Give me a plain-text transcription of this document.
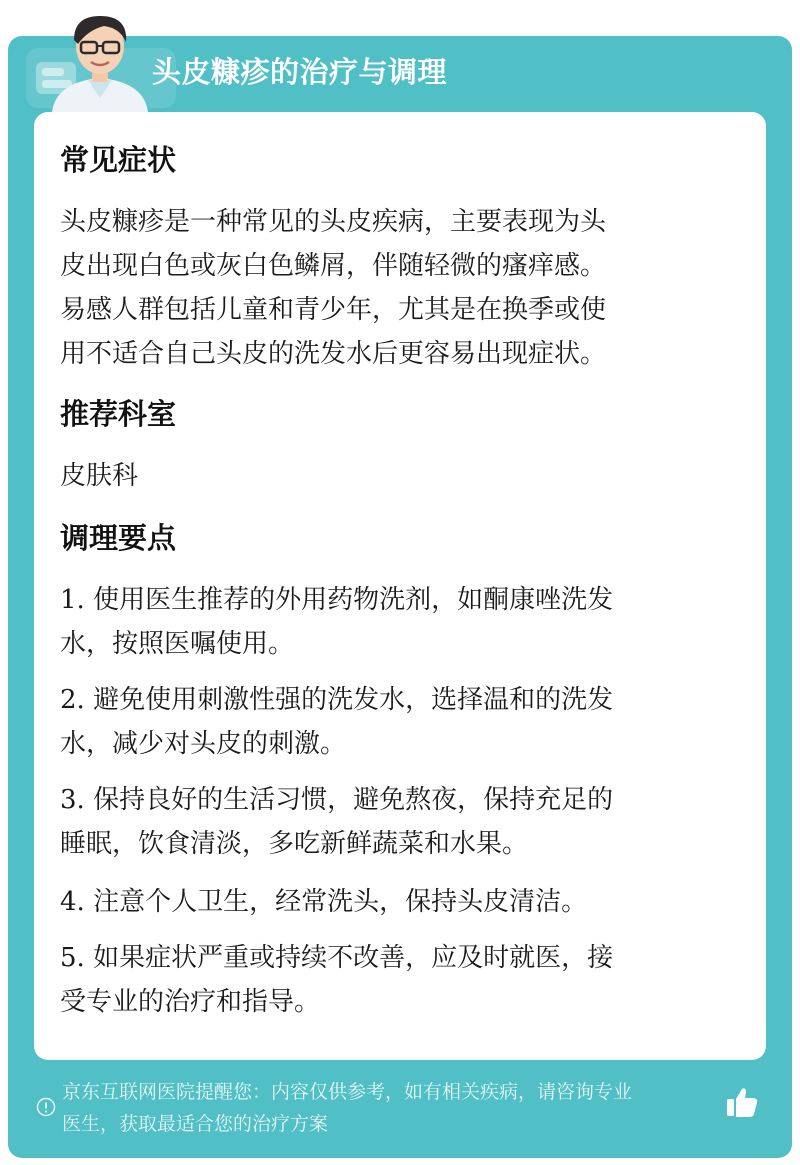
头皮糠疹的治疗与调理
常见症状
头皮糠疹是一种常见的头皮疾病，主要表现为头
皮出现白色或灰白色鳞屑，伴随轻微的瘙痒感。
易感人群包括儿童和青少年，尤其是在换季或使
用不适合自己头皮的洗发水后更容易出现症状。
推荐科室
皮肤科
调理要点
1. 使用医生推荐的外用药物洗剂，如酮康唑洗发
水，按照医嘱使用。
2. 避免使用刺激性强的洗发水，选择温和的洗发
水，减少对头皮的刺激。
3. 保持良好的生活习惯，避免熬夜，保持充足的
睡眠，饮食清淡，多吃新鲜蔬菜和水果。
4. 注意个人卫生，经常洗头，保持头皮清洁。
5. 如果症状严重或持续不改善，应及时就医，接
受专业的治疗和指导。
京东互联网医院提醒您：内容仅供参考，如有相关疾病，请咨询专业
医生，获取最适合您的治疗方案
